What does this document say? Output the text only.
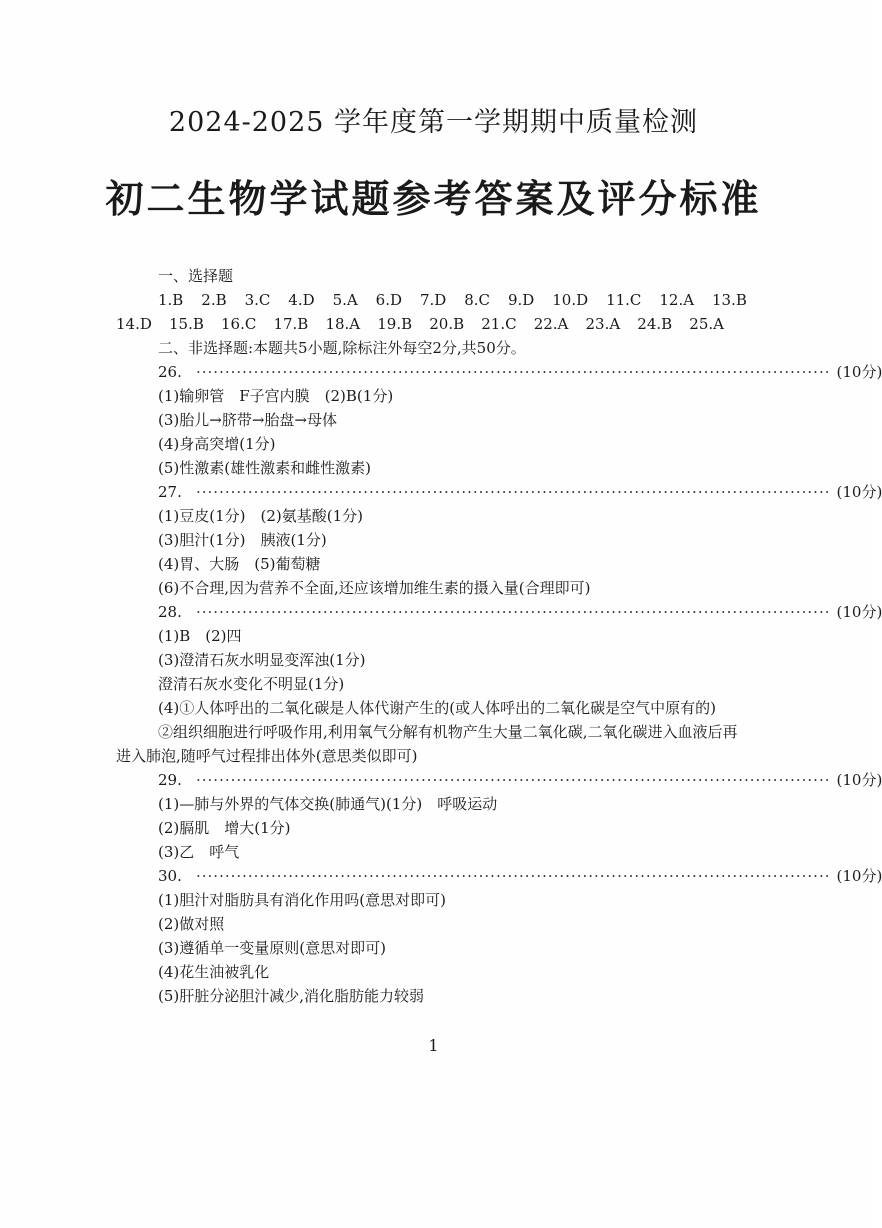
2024-2025 学年度第一学期期中质量检测
初二生物学试题参考答案及评分标准
一、选择题
1.B 2.B 3.C 4.D 5.A 6.D 7.D 8.C 9.D 10.D 11.C 12.A 13.B
14.D 15.B 16.C 17.B 18.A 19.B 20.B 21.C 22.A 23.A 24.B 25.A
二、非选择题:本题共5小题,除标注外每空2分,共50分。
26. ·············································································································· (10分)
(1)输卵管　F子宫内膜　(2)B(1分)
(3)胎儿→脐带→胎盘→母体
(4)身高突增(1分)
(5)性激素(雄性激素和雌性激素)
27. ·············································································································· (10分)
(1)豆皮(1分)　(2)氨基酸(1分)
(3)胆汁(1分)　胰液(1分)
(4)胃、大肠　(5)葡萄糖
(6)不合理,因为营养不全面,还应该增加维生素的摄入量(合理即可)
28. ·············································································································· (10分)
(1)B　(2)四
(3)澄清石灰水明显变浑浊(1分)
澄清石灰水变化不明显(1分)
(4)①人体呼出的二氧化碳是人体代谢产生的(或人体呼出的二氧化碳是空气中原有的)
②组织细胞进行呼吸作用,利用氧气分解有机物产生大量二氧化碳,二氧化碳进入血液后再进入肺泡,随呼气过程排出体外(意思类似即可)
29. ·············································································································· (10分)
(1)—肺与外界的气体交换(肺通气)(1分)　呼吸运动
(2)膈肌　增大(1分)
(3)乙　呼气
30. ·············································································································· (10分)
(1)胆汁对脂肪具有消化作用吗(意思对即可)
(2)做对照
(3)遵循单一变量原则(意思对即可)
(4)花生油被乳化
(5)肝脏分泌胆汁减少,消化脂肪能力较弱
1
